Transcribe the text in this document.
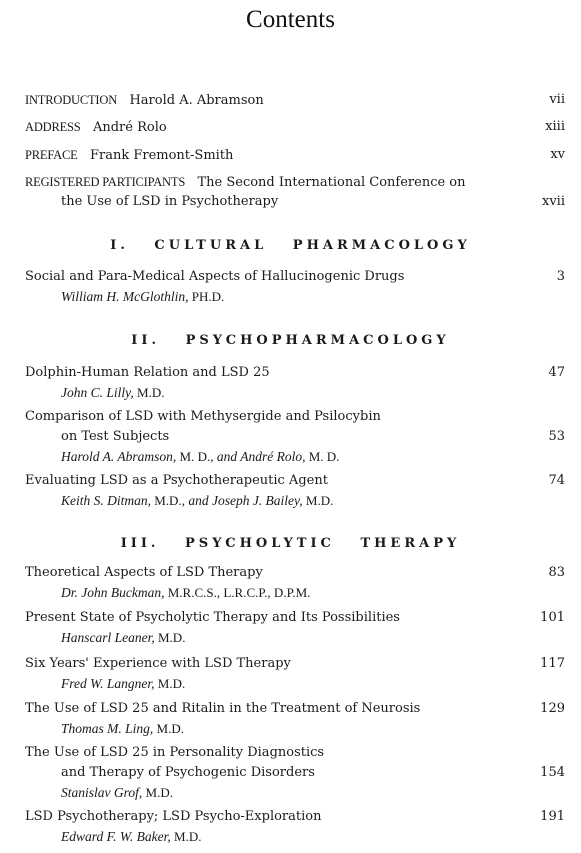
Contents
INTRODUCTION Harold A. Abramson	vii
ADDRESS André Rolo	xiii
PREFACE Frank Fremont-Smith	xv
REGISTERED PARTICIPANTS The Second International Conference on
the Use of LSD in Psychotherapy	xvii
I.   CULTURAL   PHARMACOLOGY
Social and Para-Medical Aspects of Hallucinogenic Drugs	3
William H. McGlothlin, PH.D.
II.   PSYCHOPHARMACOLOGY
Dolphin-Human Relation and LSD 25	47
John C. Lilly, M.D.
Comparison of LSD with Methysergide and Psilocybin
on Test Subjects	53
Harold A. Abramson, M. D., and André Rolo, M. D.
Evaluating LSD as a Psychotherapeutic Agent	74
Keith S. Ditman, M.D., and Joseph J. Bailey, M.D.
III.   PSYCHOLYTIC   THERAPY
Theoretical Aspects of LSD Therapy	83
Dr. John Buckman, M.R.C.S., L.R.C.P., D.P.M.
Present State of Psycholytic Therapy and Its Possibilities	101
Hanscarl Leaner, M.D.
Six Years' Experience with LSD Therapy	117
Fred W. Langner, M.D.
The Use of LSD 25 and Ritalin in the Treatment of Neurosis	129
Thomas M. Ling, M.D.
The Use of LSD 25 in Personality Diagnostics
and Therapy of Psychogenic Disorders	154
Stanislav Grof, M.D.
LSD Psychotherapy; LSD Psycho-Exploration	191
Edward F. W. Baker, M.D.
